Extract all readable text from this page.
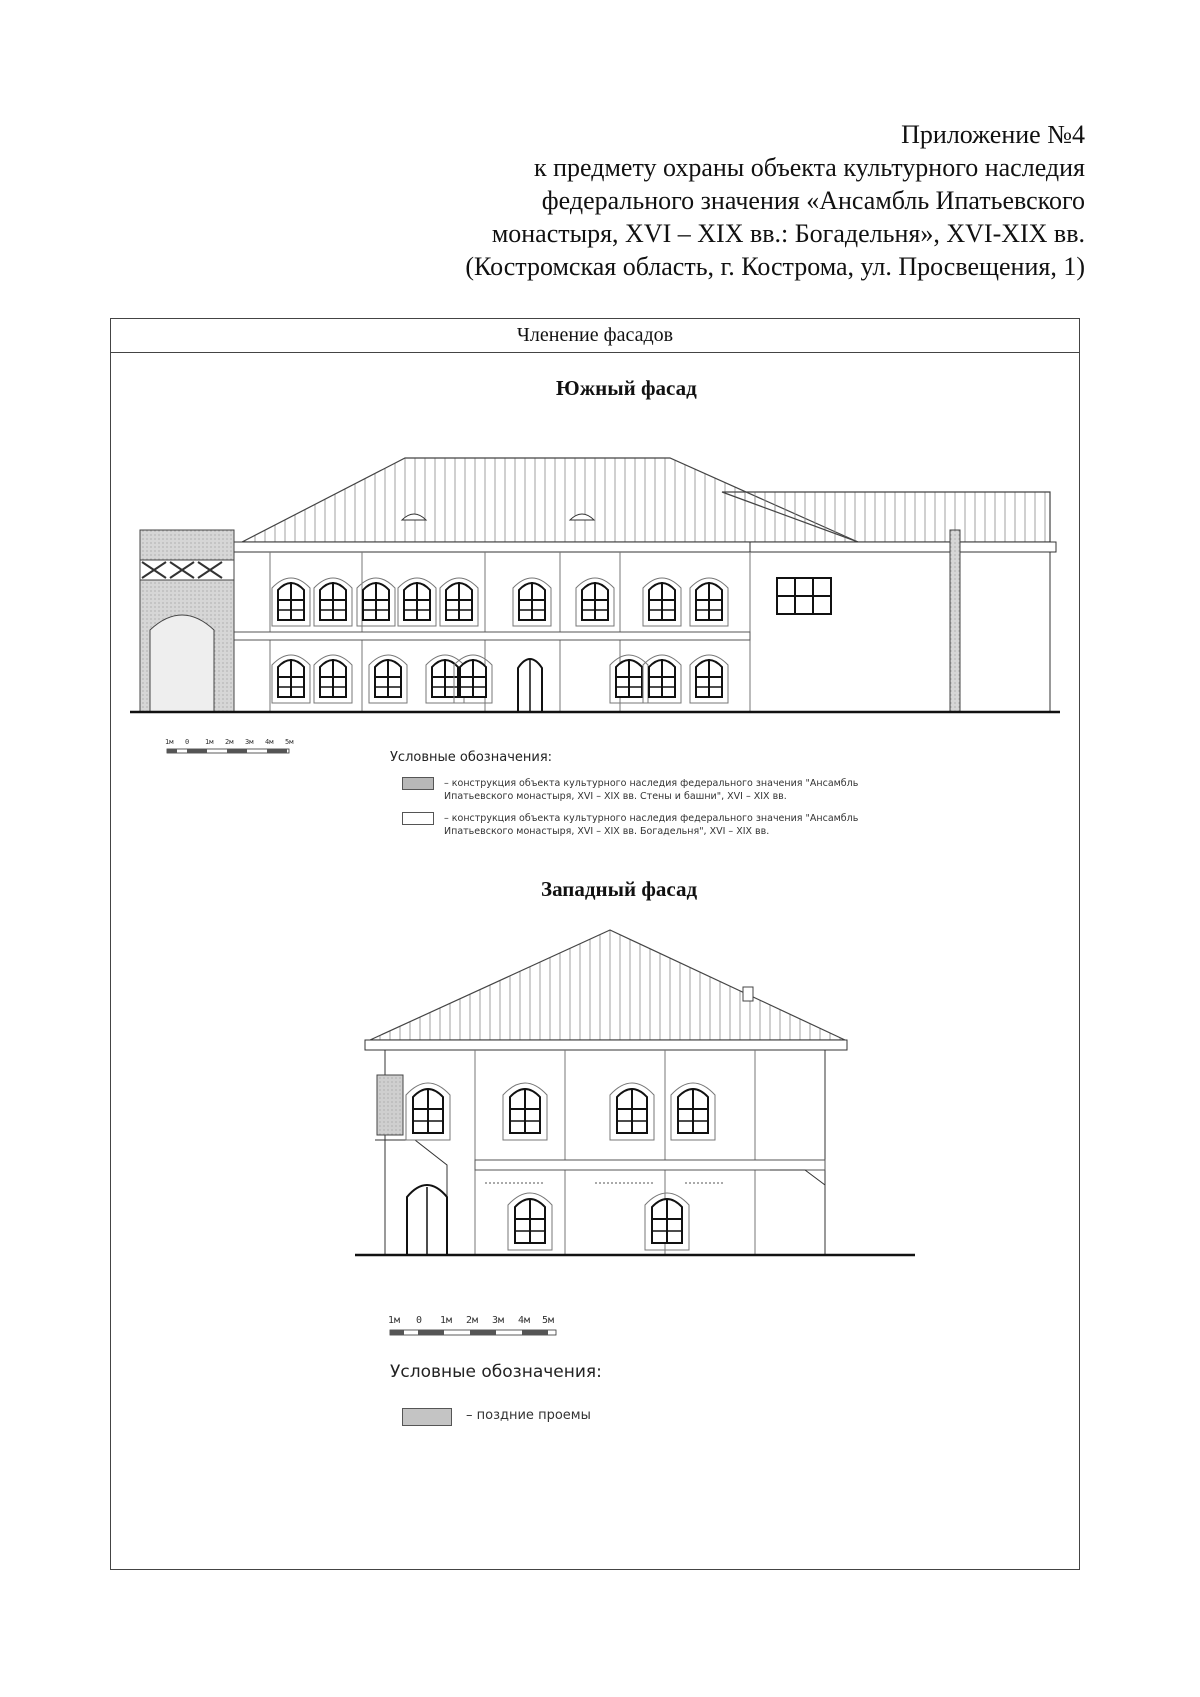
Приложение №4
к предмету охраны объекта культурного наследия
федерального значения «Ансамбль Ипатьевского
монастыря, XVI – XIX вв.: Богадельня», XVI-XIX вв.
(Костромская область, г. Кострома, ул. Просвещения, 1)
Членение фасадов
Южный фасад
1м 0 1м 2м 3м 4м 5м
Условные обозначения:
– конструкция объекта культурного наследия федерального значения "Ансамбль
Ипатьевского монастыря, XVI – XIX вв. Стены и башни", XVI – XIX вв.
– конструкция объекта культурного наследия федерального значения "Ансамбль
Ипатьевского монастыря, XVI – XIX вв. Богадельня", XVI – XIX вв.
Западный фасад
1м 0 1м 2м 3м 4м 5м
Условные обозначения:
– поздние проемы
